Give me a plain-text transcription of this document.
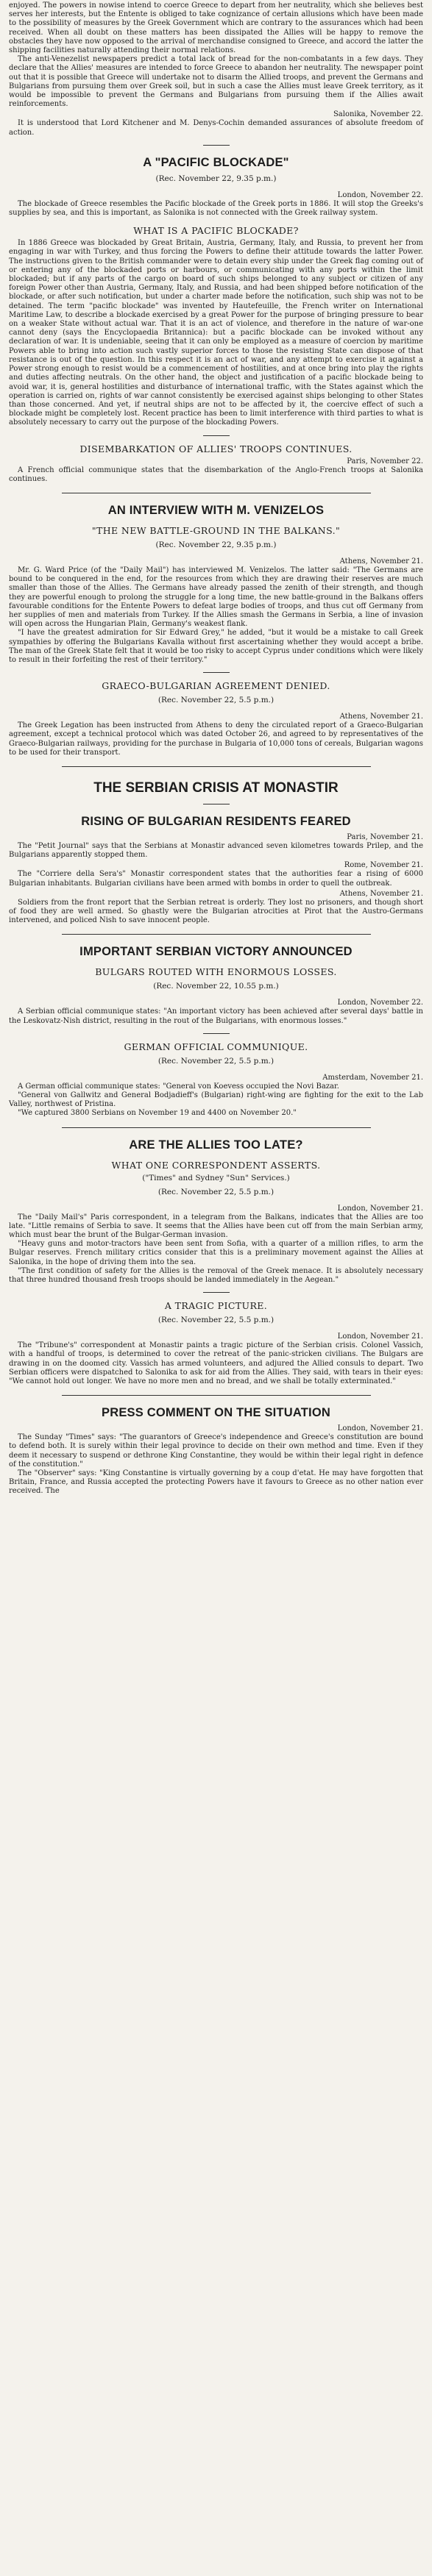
enjoyed. The powers in nowise intend to coerce Greece to depart from her neutrality, which she believes best serves her interests, but the Entente is obliged to take cognizance of certain allusions which have been made to the possibility of measures by the Greek Government which are contrary to the assurances which had been received. When all doubt on these matters has been dissipated the Allies will be happy to remove the obstacles they have now opposed to the arrival of merchandise consigned to Greece, and accord the latter the shipping facilities naturally attending their normal relations.

The anti-Venezelist newspapers predict a total lack of bread for the non-combatants in a few days. They declare that the Allies' measures are intended to force Greece to abandon her neutrality. The newspaper point out that it is possible that Greece will undertake not to disarm the Allied troops, and prevent the Germans and Bulgarians from pursuing them over Greek soil, but in such a case the Allies must leave Greek territory, as it would be impossible to prevent the Germans and Bulgarians from pursuing them if the Allies await reinforcements.

Salonika, November 22.

It is understood that Lord Kitchener and M. Denys-Cochin demanded assurances of absolute freedom of action.

A "PACIFIC BLOCKADE"
(Rec. November 22, 9.35 p.m.)
London, November 22.

The blockade of Greece resembles the Pacific blockade of the Greek ports in 1886. It will stop the Greeks's supplies by sea, and this is important, as Salonika is not connected with the Greek railway system.

WHAT IS A PACIFIC BLOCKADE?

In 1886 Greece was blockaded by Great Britain, Austria, Germany, Italy, and Russia, to prevent her from engaging in war with Turkey, and thus forcing the Powers to define their attitude towards the latter Power. The instructions given to the British commander were to detain every ship under the Greek flag coming out of or entering any of the blockaded ports or harbours, or communicating with any ports within the limit blockaded; but if any parts of the cargo on board of such ships belonged to any subject or citizen of any foreign Power other than Austria, Germany, Italy, and Russia, and had been shipped before notification of the blockade, or after such notification, but under a charter made before the notification, such ship was not to be detained. The term "pacific blockade" was invented by Hautefeuille, the French writer on International Maritime Law, to describe a blockade exercised by a great Power for the purpose of bringing pressure to bear on a weaker State without actual war. That it is an act of violence, and therefore in the nature of war-one cannot deny (says the Encyclopaedia Britannica): but a pacific blockade can be invoked without any declaration of war. It is undeniable, seeing that it can only be employed as a measure of coercion by maritime Powers able to bring into action such vastly superior forces to those the resisting State can dispose of that resistance is out of the question. In this respect it is an act of war, and any attempt to exercise it against a Power strong enough to resist would be a commencement of hostilities, and at once bring into play the rights and duties affecting neutrals. On the other hand, the object and justification of a pacific blockade being to avoid war, it is, general hostilities and disturbance of international traffic, with the States against which the operation is carried on, rights of war cannot consistently be exercised against ships belonging to other States than those concerned. And yet, if neutral ships are not to be affected by it, the coercive effect of such a blockade might be completely lost. Recent practice has been to limit interference with third parties to what is absolutely necessary to carry out the purpose of the blockading Powers.

DISEMBARKATION OF ALLIES' TROOPS CONTINUES.
Paris, November 22.

A French official communique states that the disembarkation of the Anglo-French troops at Salonika continues.

AN INTERVIEW WITH M. VENIZELOS
"THE NEW BATTLE-GROUND IN THE BALKANS."
(Rec. November 22, 9.35 p.m.)
Athens, November 21.

Mr. G. Ward Price (of the "Daily Mail") has interviewed M. Venizelos. The latter said: "The Germans are bound to be conquered in the end, for the resources from which they are drawing their reserves are much smaller than those of the Allies. The Germans have already passed the zenith of their strength, and though they are powerful enough to prolong the struggle for a long time, the new battle-ground in the Balkans offers favourable conditions for the Entente Powers to defeat large bodies of troops, and thus cut off Germany from her supplies of men and materials from Turkey. If the Allies smash the Germans in Serbia, a line of invasion will open across the Hungarian Plain, Germany's weakest flank.

"I have the greatest admiration for Sir Edward Grey," he added, "but it would be a mistake to call Greek sympathies by offering the Bulgarians Kavalla without first ascertaining whether they would accept a bribe. The man of the Greek State felt that it would be too risky to accept Cyprus under conditions which were likely to result in their forfeiting the rest of their territory."

GRAECO-BULGARIAN AGREEMENT DENIED.
(Rec. November 22, 5.5 p.m.)
Athens, November 21.

The Greek Legation has been instructed from Athens to deny the circulated report of a Graeco-Bulgarian agreement, except a technical protocol which was dated October 26, and agreed to by representatives of the Graeco-Bulgarian railways, providing for the purchase in Bulgaria of 10,000 tons of cereals, Bulgarian wagons to be used for their transport.

THE SERBIAN CRISIS AT MONASTIR
RISING OF BULGARIAN RESIDENTS FEARED
Paris, November 21.

The "Petit Journal" says that the Serbians at Monastir advanced seven kilometres towards Prilep, and the Bulgarians apparently stopped them.

Rome, November 21.

The "Corriere della Sera's" Monastir correspondent states that the authorities fear a rising of 6000 Bulgarian inhabitants. Bulgarian civilians have been armed with bombs in order to quell the outbreak.

Athens, November 21.

Soldiers from the front report that the Serbian retreat is orderly. They lost no prisoners, and though short of food they are well armed. So ghastly were the Bulgarian atrocities at Pirot that the Austro-Germans intervened, and policed Nish to save innocent people.

IMPORTANT SERBIAN VICTORY ANNOUNCED
BULGARS ROUTED WITH ENORMOUS LOSSES.
(Rec. November 22, 10.55 p.m.)
London, November 22.

A Serbian official communique states: "An important victory has been achieved after several days' battle in the Leskovatz-Nish district, resulting in the rout of the Bulgarians, with enormous losses."

GERMAN OFFICIAL COMMUNIQUE.
(Rec. November 22, 5.5 p.m.)
Amsterdam, November 21.

A German official communique states: "General von Koevess occupied the Novi Bazar.

"General von Gallwitz and General Bodjadieff's (Bulgarian) right-wing are fighting for the exit to the Lab Valley, northwest of Pristina.

"We captured 3800 Serbians on November 19 and 4400 on November 20."

ARE THE ALLIES TOO LATE?
WHAT ONE CORRESPONDENT ASSERTS.
("Times" and Sydney "Sun" Services.)
(Rec. November 22, 5.5 p.m.)
London, November 21.

The "Daily Mail's" Paris correspondent, in a telegram from the Balkans, indicates that the Allies are too late. "Little remains of Serbia to save. It seems that the Allies have been cut off from the main Serbian army, which must bear the brunt of the Bulgar-German invasion.

"Heavy guns and motor-tractors have been sent from Sofia, with a quarter of a million rifles, to arm the Bulgar reserves. French military critics consider that this is a preliminary movement against the Allies at Salonika, in the hope of driving them into the sea.

"The first condition of safety for the Allies is the removal of the Greek menace. It is absolutely necessary that three hundred thousand fresh troops should be landed immediately in the Aegean."

A TRAGIC PICTURE.
(Rec. November 22, 5.5 p.m.)
London, November 21.

The "Tribune's" correspondent at Monastir paints a tragic picture of the Serbian crisis. Colonel Vassich, with a handful of troops, is determined to cover the retreat of the panic-stricken civilians. The Bulgars are drawing in on the doomed city. Vassich has armed volunteers, and adjured the Allied consuls to depart. Two Serbian officers were dispatched to Salonika to ask for aid from the Allies. They said, with tears in their eyes: "We cannot hold out longer. We have no more men and no bread, and we shall be totally exterminated."

PRESS COMMENT ON THE SITUATION
London, November 21.

The Sunday "Times" says: "The guarantors of Greece's independence and Greece's constitution are bound to defend both. It is surely within their legal province to decide on their own method and time. Even if they deem it necessary to suspend or dethrone King Constantine, they would be within their legal right in defence of the constitution."

The "Observer" says: "King Constantine is virtually governing by a coup d'etat. He may have forgotten that Britain, France, and Russia accepted the protecting Powers have it favours to Greece as no other nation ever received. The
